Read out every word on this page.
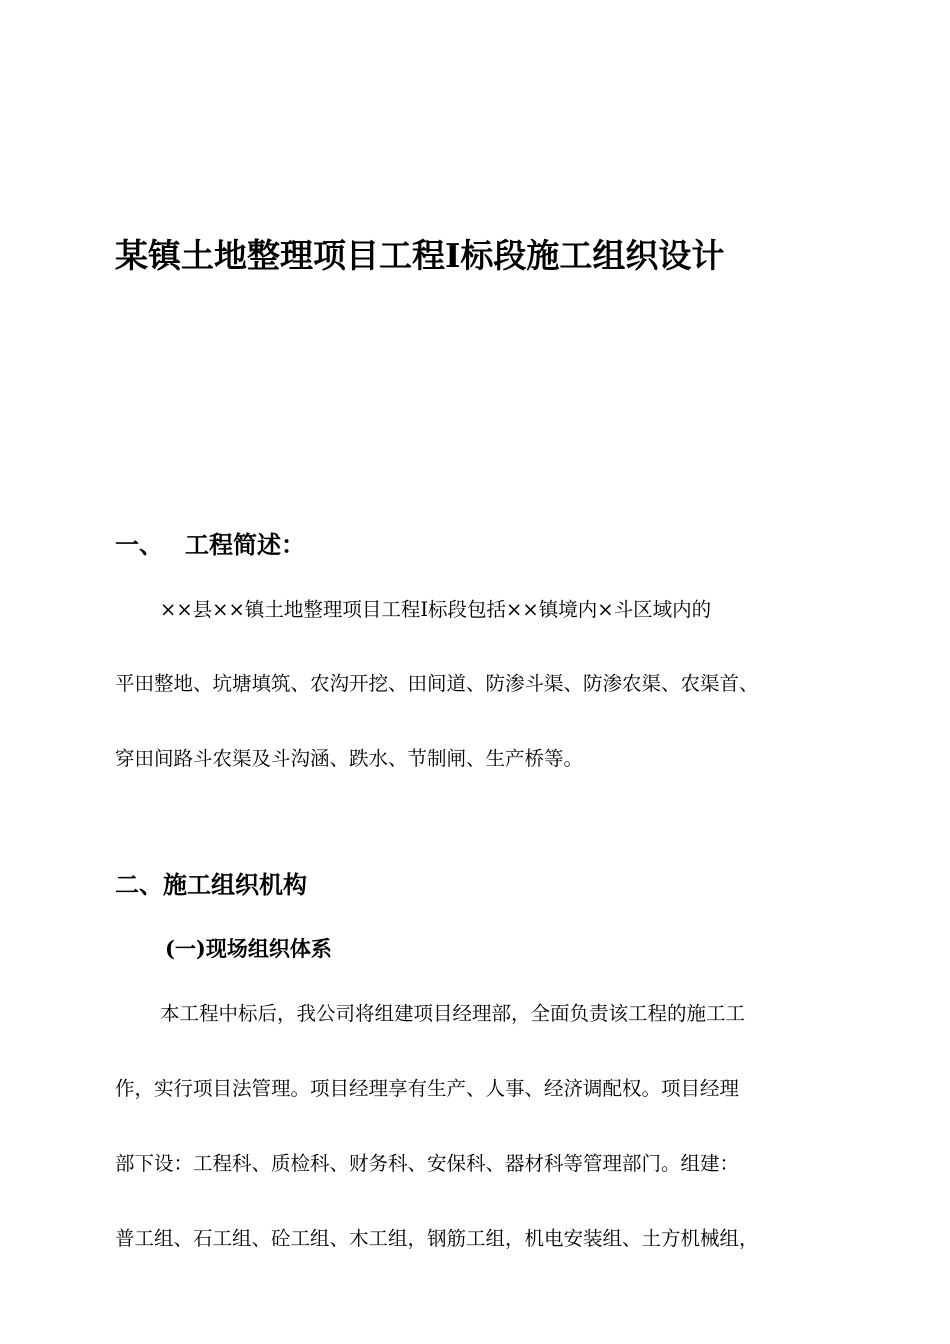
某镇土地整理项目工程Ⅰ标段施工组织设计
一、 工程简述：

××县××镇土地整理项目工程Ⅰ标段包括××镇境内×斗区域内的

平田整地、坑塘填筑、农沟开挖、田间道、防渗斗渠、防渗农渠、农渠首、

穿田间路斗农渠及斗沟涵、跌水、节制闸、生产桥等。

二、施工组织机构
(一)现场组织体系

本工程中标后，我公司将组建项目经理部，全面负责该工程的施工工

作，实行项目法管理。项目经理享有生产、人事、经济调配权。项目经理

部下设：工程科、质检科、财务科、安保科、器材科等管理部门。组建：

普工组、石工组、砼工组、木工组，钢筋工组，机电安装组、土方机械组，
